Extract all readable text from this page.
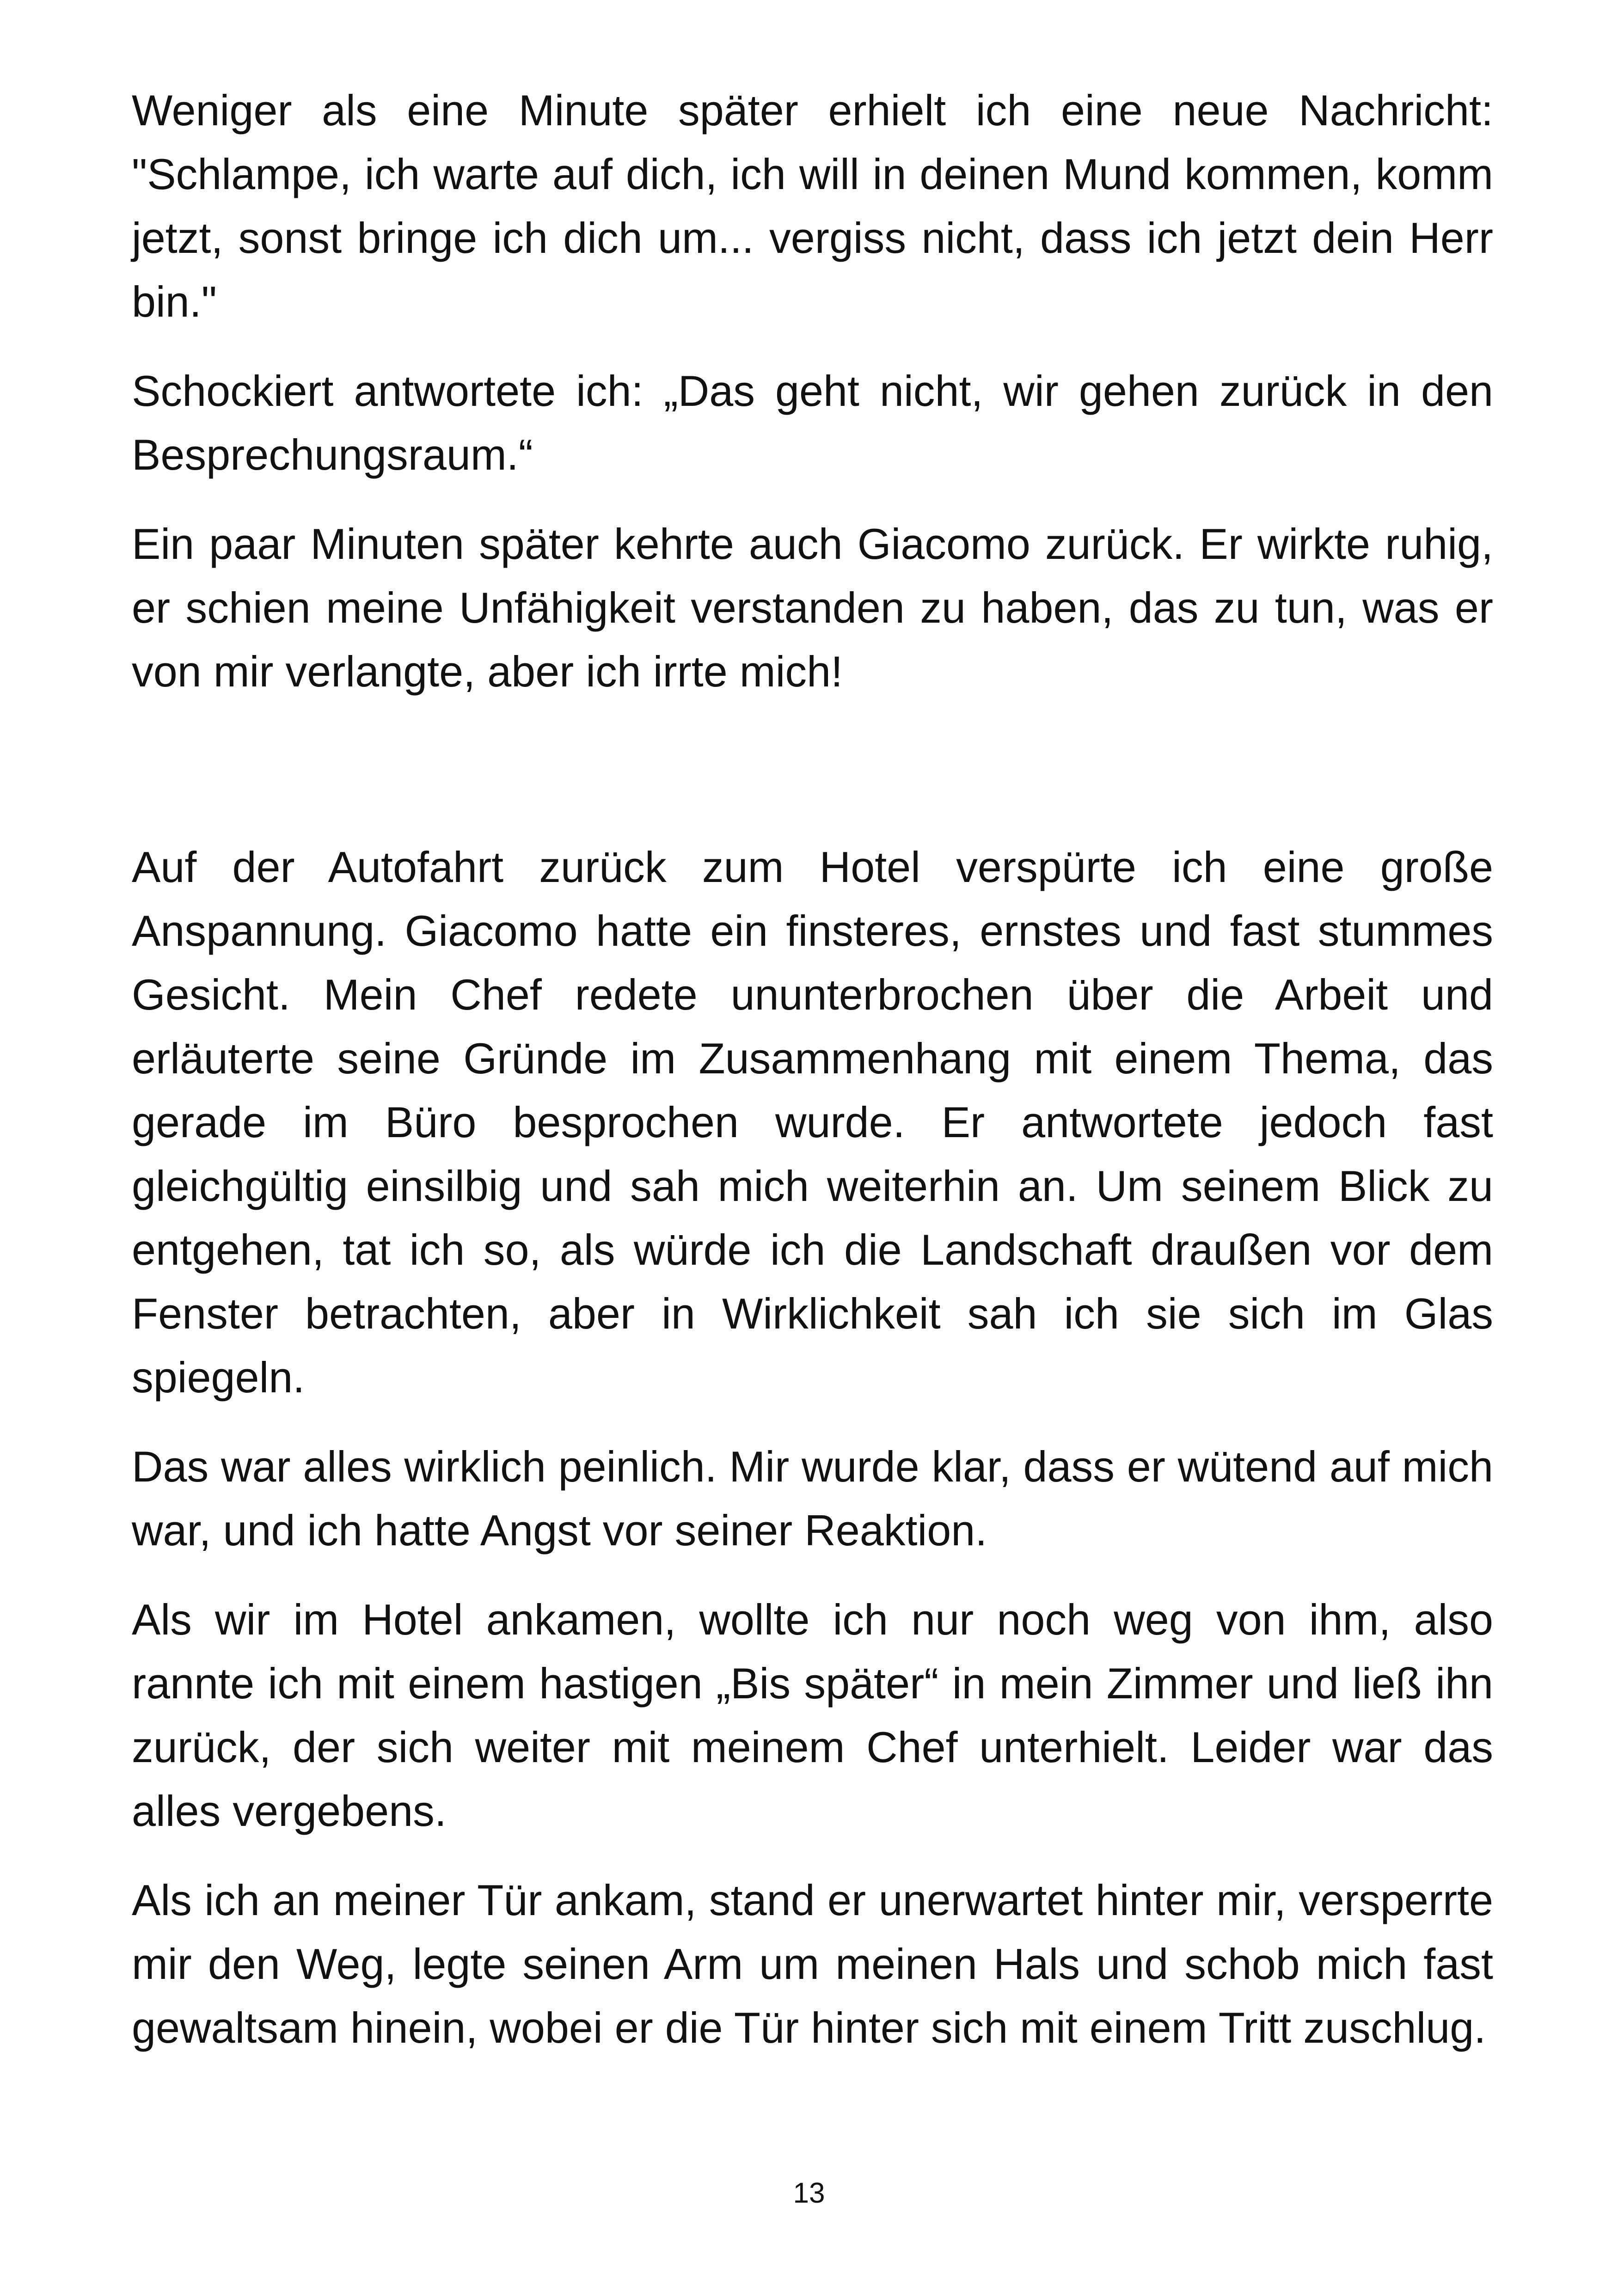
Weniger als eine Minute später erhielt ich eine neue Nachricht: "Schlampe, ich warte auf dich, ich will in deinen Mund kommen, komm jetzt, sonst bringe ich dich um... vergiss nicht, dass ich jetzt dein Herr bin."

Schockiert antwortete ich: „Das geht nicht, wir gehen zurück in den Besprechungsraum.“

Ein paar Minuten später kehrte auch Giacomo zurück. Er wirkte ruhig, er schien meine Unfähigkeit verstanden zu haben, das zu tun, was er von mir verlangte, aber ich irrte mich!

Auf der Autofahrt zurück zum Hotel verspürte ich eine große Anspannung. Giacomo hatte ein finsteres, ernstes und fast stummes Gesicht. Mein Chef redete ununterbrochen über die Arbeit und erläuterte seine Gründe im Zusammenhang mit einem Thema, das gerade im Büro besprochen wurde. Er antwortete jedoch fast gleichgültig einsilbig und sah mich weiterhin an. Um seinem Blick zu entgehen, tat ich so, als würde ich die Landschaft draußen vor dem Fenster betrachten, aber in Wirklichkeit sah ich sie sich im Glas spiegeln.

Das war alles wirklich peinlich. Mir wurde klar, dass er wütend auf mich war, und ich hatte Angst vor seiner Reaktion.

Als wir im Hotel ankamen, wollte ich nur noch weg von ihm, also rannte ich mit einem hastigen „Bis später“ in mein Zimmer und ließ ihn zurück, der sich weiter mit meinem Chef unterhielt. Leider war das alles vergebens.

Als ich an meiner Tür ankam, stand er unerwartet hinter mir, versperrte mir den Weg, legte seinen Arm um meinen Hals und schob mich fast gewaltsam hinein, wobei er die Tür hinter sich mit einem Tritt zuschlug.

13
